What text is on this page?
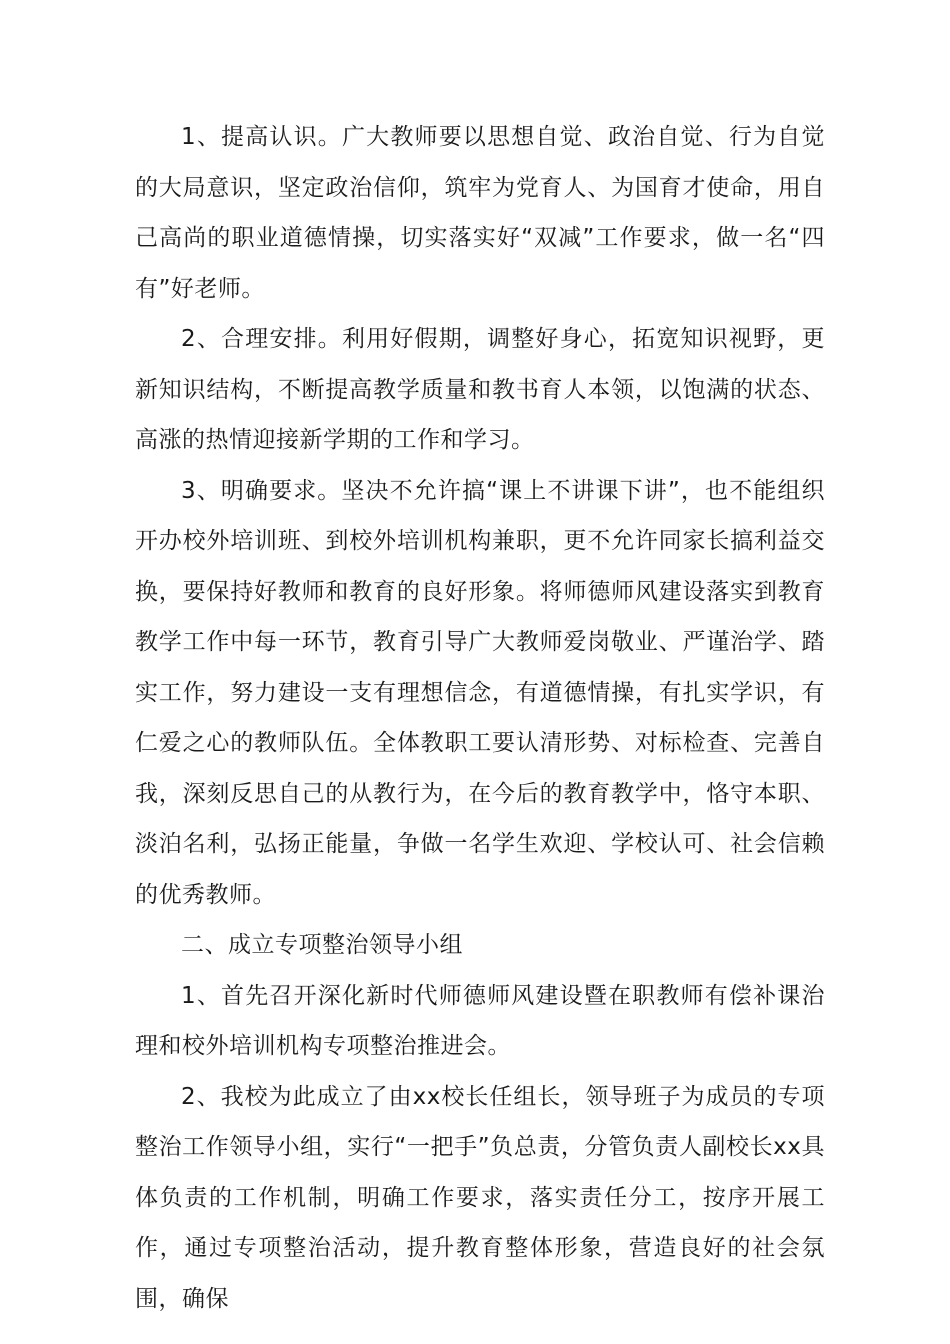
1、提高认识。广大教师要以思想自觉、政治自觉、行为自觉的大局意识，坚定政治信仰，筑牢为党育人、为国育才使命，用自己高尚的职业道德情操，切实落实好“双减”工作要求，做一名“四有”好老师。

2、合理安排。利用好假期，调整好身心，拓宽知识视野，更新知识结构，不断提高教学质量和教书育人本领，以饱满的状态、高涨的热情迎接新学期的工作和学习。

3、明确要求。坚决不允许搞“课上不讲课下讲”，也不能组织开办校外培训班、到校外培训机构兼职，更不允许同家长搞利益交换，要保持好教师和教育的良好形象。将师德师风建设落实到教育教学工作中每一环节，教育引导广大教师爱岗敬业、严谨治学、踏实工作，努力建设一支有理想信念，有道德情操，有扎实学识，有仁爱之心的教师队伍。全体教职工要认清形势、对标检查、完善自我，深刻反思自己的从教行为，在今后的教育教学中，恪守本职、淡泊名利，弘扬正能量，争做一名学生欢迎、学校认可、社会信赖的优秀教师。

二、成立专项整治领导小组

1、首先召开深化新时代师德师风建设暨在职教师有偿补课治理和校外培训机构专项整治推进会。

2、我校为此成立了由xx校长任组长，领导班子为成员的专项整治工作领导小组，实行“一把手”负总责，分管负责人副校长xx具体负责的工作机制，明确工作要求，落实责任分工，按序开展工作，通过专项整治活动，提升教育整体形象，营造良好的社会氛围，确保
